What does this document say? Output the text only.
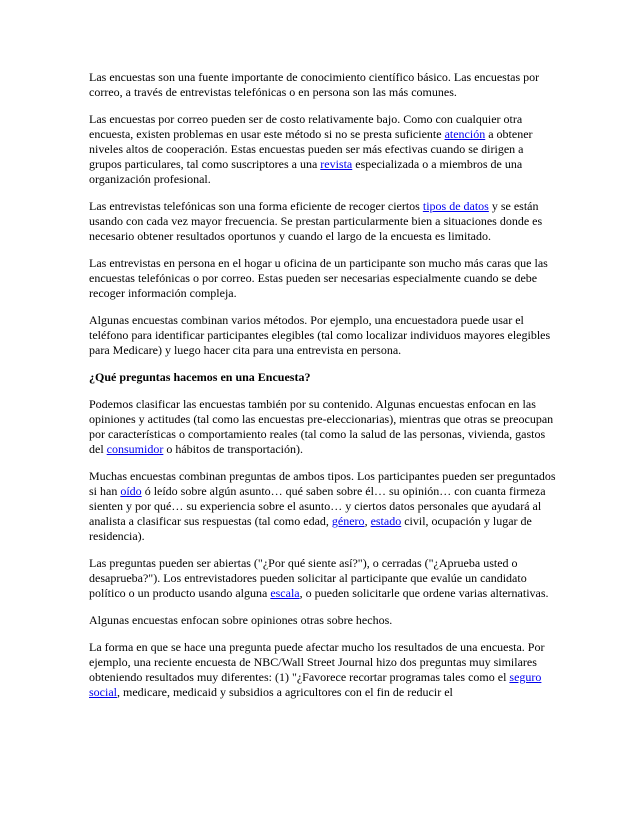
Las encuestas son una fuente importante de conocimiento científico básico. Las encuestas por correo, a través de entrevistas telefónicas o en persona son las más comunes.

Las encuestas por correo pueden ser de costo relativamente bajo. Como con cualquier otra encuesta, existen problemas en usar este método si no se presta suficiente atención a obtener niveles altos de cooperación. Estas encuestas pueden ser más efectivas cuando se dirigen a grupos particulares, tal como suscriptores a una revista especializada o a miembros de una organización profesional.

Las entrevistas telefónicas son una forma eficiente de recoger ciertos tipos de datos y se están usando con cada vez mayor frecuencia. Se prestan particularmente bien a situaciones donde es necesario obtener resultados oportunos y cuando el largo de la encuesta es limitado.

Las entrevistas en persona en el hogar u oficina de un participante son mucho más caras que las encuestas telefónicas o por correo. Estas pueden ser necesarias especialmente cuando se debe recoger información compleja.

Algunas encuestas combinan varios métodos. Por ejemplo, una encuestadora puede usar el teléfono para identificar participantes elegibles (tal como localizar individuos mayores elegibles para Medicare) y luego hacer cita para una entrevista en persona.

¿Qué preguntas hacemos en una Encuesta?

Podemos clasificar las encuestas también por su contenido. Algunas encuestas enfocan en las opiniones y actitudes (tal como las encuestas pre-eleccionarias), mientras que otras se preocupan por características o comportamiento reales (tal como la salud de las personas, vivienda, gastos del consumidor o hábitos de transportación).

Muchas encuestas combinan preguntas de ambos tipos. Los participantes pueden ser preguntados si han oído ó leído sobre algún asunto… qué saben sobre él… su opinión… con cuanta firmeza sienten y por qué… su experiencia sobre el asunto… y ciertos datos personales que ayudará al analista a clasificar sus respuestas (tal como edad, género, estado civil, ocupación y lugar de residencia).

Las preguntas pueden ser abiertas ("¿Por qué siente así?"), o cerradas ("¿Aprueba usted o desaprueba?"). Los entrevistadores pueden solicitar al participante que evalúe un candidato político o un producto usando alguna escala, o pueden solicitarle que ordene varias alternativas.

Algunas encuestas enfocan sobre opiniones otras sobre hechos.

La forma en que se hace una pregunta puede afectar mucho los resultados de una encuesta. Por ejemplo, una reciente encuesta de NBC/Wall Street Journal hizo dos preguntas muy similares obteniendo resultados muy diferentes: (1) "¿Favorece recortar programas tales como el seguro social, medicare, medicaid y subsidios a agricultores con el fin de reducir el
